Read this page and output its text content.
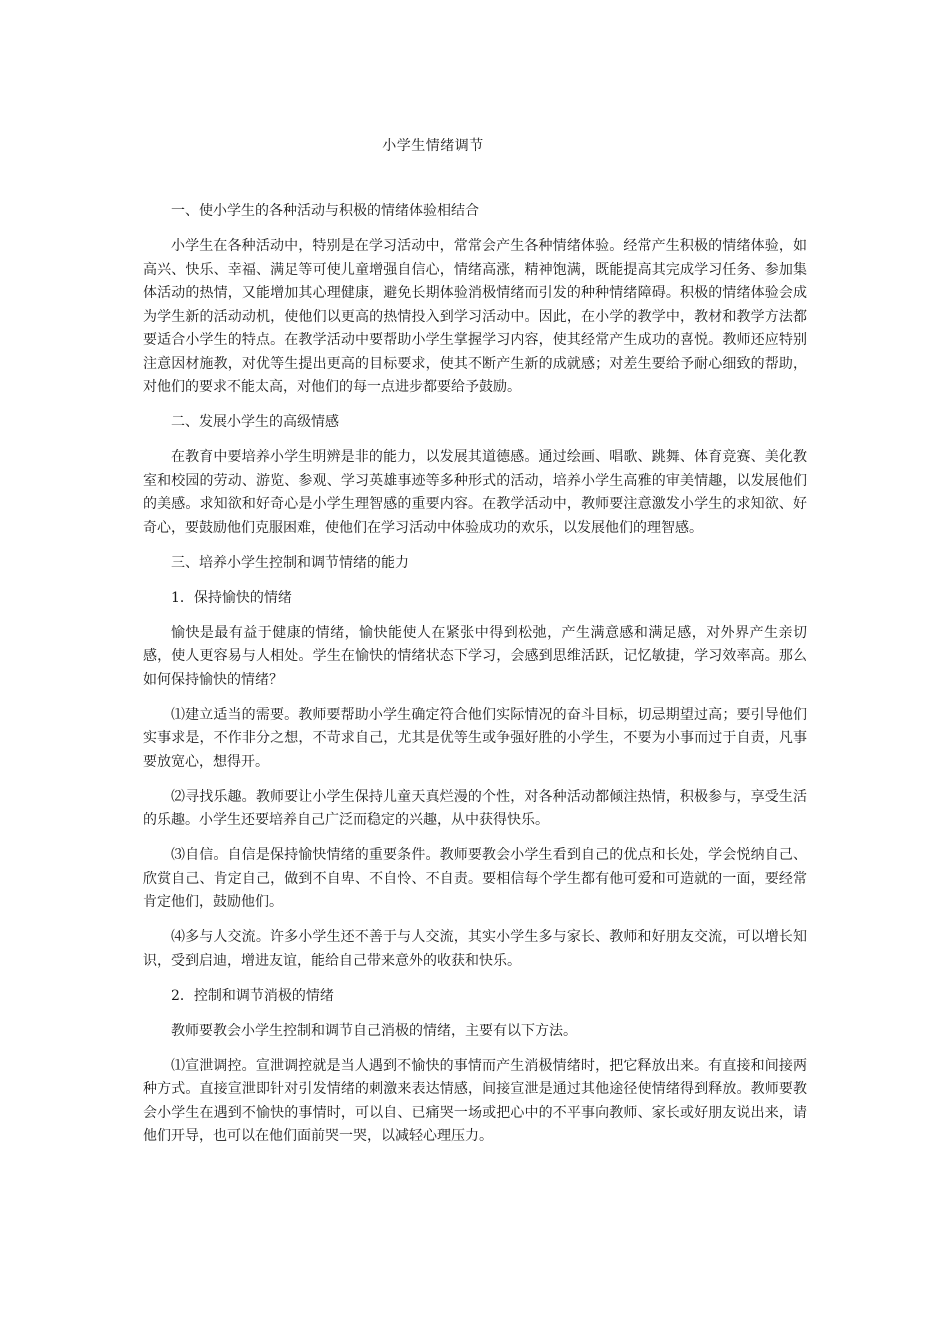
小学生情绪调节

一、使小学生的各种活动与积极的情绪体验相结合

小学生在各种活动中，特别是在学习活动中，常常会产生各种情绪体验。经常产生积极的情绪体验，如高兴、快乐、幸福、满足等可使儿童增强自信心，情绪高涨，精神饱满，既能提高其完成学习任务、参加集体活动的热情，又能增加其心理健康，避免长期体验消极情绪而引发的种种情绪障碍。积极的情绪体验会成为学生新的活动动机，使他们以更高的热情投入到学习活动中。因此，在小学的教学中，教材和教学方法都要适合小学生的特点。在教学活动中要帮助小学生掌握学习内容，使其经常产生成功的喜悦。教师还应特别注意因材施教，对优等生提出更高的目标要求，使其不断产生新的成就感；对差生要给予耐心细致的帮助，对他们的要求不能太高，对他们的每一点进步都要给予鼓励。

二、发展小学生的高级情感

在教育中要培养小学生明辨是非的能力，以发展其道德感。通过绘画、唱歌、跳舞、体育竞赛、美化教室和校园的劳动、游览、参观、学习英雄事迹等多种形式的活动，培养小学生高雅的审美情趣，以发展他们的美感。求知欲和好奇心是小学生理智感的重要内容。在教学活动中，教师要注意激发小学生的求知欲、好奇心，要鼓励他们克服困难，使他们在学习活动中体验成功的欢乐，以发展他们的理智感。

三、培养小学生控制和调节情绪的能力

1．保持愉快的情绪

愉快是最有益于健康的情绪，愉快能使人在紧张中得到松弛，产生满意感和满足感，对外界产生亲切感，使人更容易与人相处。学生在愉快的情绪状态下学习，会感到思维活跃，记忆敏捷，学习效率高。那么如何保持愉快的情绪？

⑴建立适当的需要。教师要帮助小学生确定符合他们实际情况的奋斗目标，切忌期望过高；要引导他们实事求是，不作非分之想，不苛求自己，尤其是优等生或争强好胜的小学生，不要为小事而过于自责，凡事要放宽心，想得开。

⑵寻找乐趣。教师要让小学生保持儿童天真烂漫的个性，对各种活动都倾注热情，积极参与，享受生活的乐趣。小学生还要培养自己广泛而稳定的兴趣，从中获得快乐。

⑶自信。自信是保持愉快情绪的重要条件。教师要教会小学生看到自己的优点和长处，学会悦纳自己、欣赏自己、肯定自己，做到不自卑、不自怜、不自责。要相信每个学生都有他可爱和可造就的一面，要经常肯定他们，鼓励他们。

⑷多与人交流。许多小学生还不善于与人交流，其实小学生多与家长、教师和好朋友交流，可以增长知识，受到启迪，增进友谊，能给自己带来意外的收获和快乐。

2．控制和调节消极的情绪

教师要教会小学生控制和调节自己消极的情绪，主要有以下方法。

⑴宣泄调控。宣泄调控就是当人遇到不愉快的事情而产生消极情绪时，把它释放出来。有直接和间接两种方式。直接宣泄即针对引发情绪的刺激来表达情感，间接宣泄是通过其他途径使情绪得到释放。教师要教会小学生在遇到不愉快的事情时，可以自、已痛哭一场或把心中的不平事向教师、家长或好朋友说出来，请他们开导，也可以在他们面前哭一哭，以减轻心理压力。
